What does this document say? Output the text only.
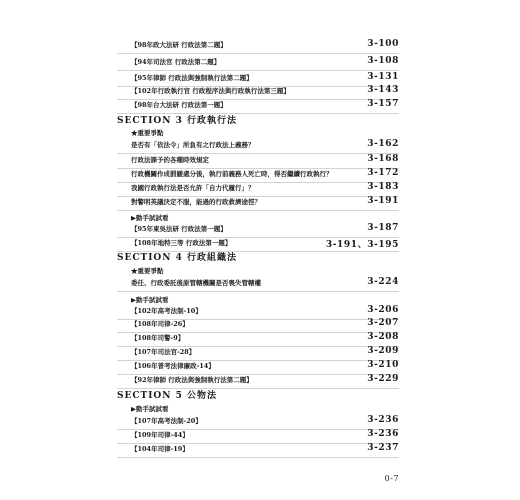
【98年政大法研 行政法第二題】	3-100
【94年司法官 行政法第二題】	3-108
【95年律師 行政法與強制執行法第二題】	3-131
【102年行政執行官 行政程序法與行政執行法第三題】	3-143
【98年台大法研 行政法第一題】	3-157
SECTION 3 行政執行法
★重要爭點
是否有「依法令」所負有之行政法上義務？	3-162
行政法課予的各種時效規定	3-168
行政機關作成罰鍰處分後，執行前義務人死亡時，得否繼續行政執行？	3-172
我國行政執行法是否允許「自力代履行」？	3-183
對警明英議決定不服，能過的行政救濟途徑？	3-191
▶動手試試看
【95年東吳法研 行政法第一題】	3-187
【108年地特三等 行政法第一題】	3-191、3-195
SECTION 4 行政組織法
★重要爭點
委任、行政委託後原管轄機關是否喪失管轄權	3-224
▶動手試試看
【102年高考法制-10】	3-206
【108年司律-26】	3-207
【108年司警-9】	3-208
【107年司法官-28】	3-209
【106年普考法律廉政-14】	3-210
【92年律師 行政法與強制執行法第二題】	3-229
SECTION 5 公物法
▶動手試試看
【107年高考法制-20】	3-236
【109年司律-44】	3-236
【104年司律-19】	3-237
0-7
